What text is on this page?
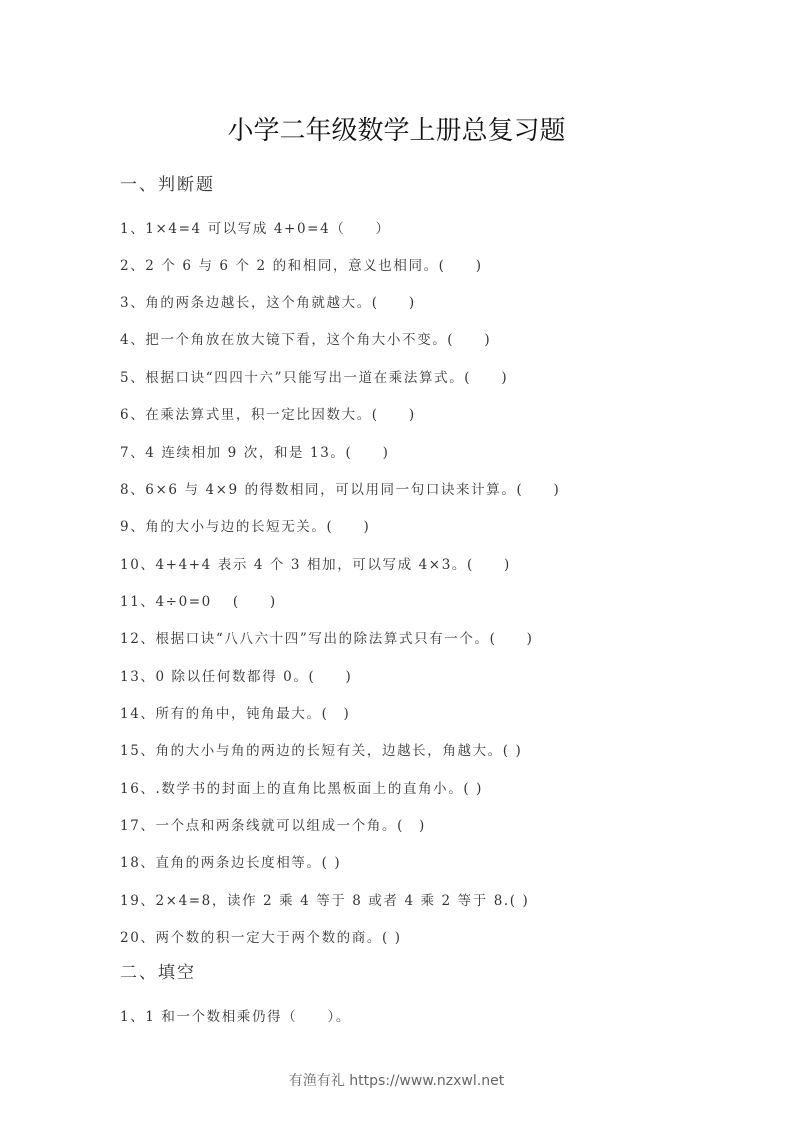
小学二年级数学上册总复习题
一、判断题
1、1×4=4 可以写成 4+0=4（　　）
2、2 个 6 与 6 个 2 的和相同，意义也相同。(　　)
3、角的两条边越长，这个角就越大。(　　)
4、把一个角放在放大镜下看，这个角大小不变。(　　)
5、根据口诀“四四十六”只能写出一道在乘法算式。(　　)
6、在乘法算式里，积一定比因数大。(　　)
7、4 连续相加 9 次，和是 13。(　　)
8、6×6 与 4×9 的得数相同，可以用同一句口诀来计算。(　　)
9、角的大小与边的长短无关。(　　)
10、4+4+4 表示 4 个 3 相加，可以写成 4×3。(　　)
11、4÷0=0　 (　　)
12、根据口诀“八八六十四”写出的除法算式只有一个。(　　)
13、0 除以任何数都得 0。(　　)
14、所有的角中，钝角最大。(　)
15、角的大小与角的两边的长短有关，边越长，角越大。( )
16、.数学书的封面上的直角比黑板面上的直角小。( )
17、一个点和两条线就可以组成一个角。(　)
18、直角的两条边长度相等。( )
19、2×4=8，读作 2 乘 4 等于 8 或者 4 乘 2 等于 8.( )
20、两个数的积一定大于两个数的商。( )
二、填空
1、1 和一个数相乘仍得（　　）。
有渔有礼 https://www.nzxwl.net
